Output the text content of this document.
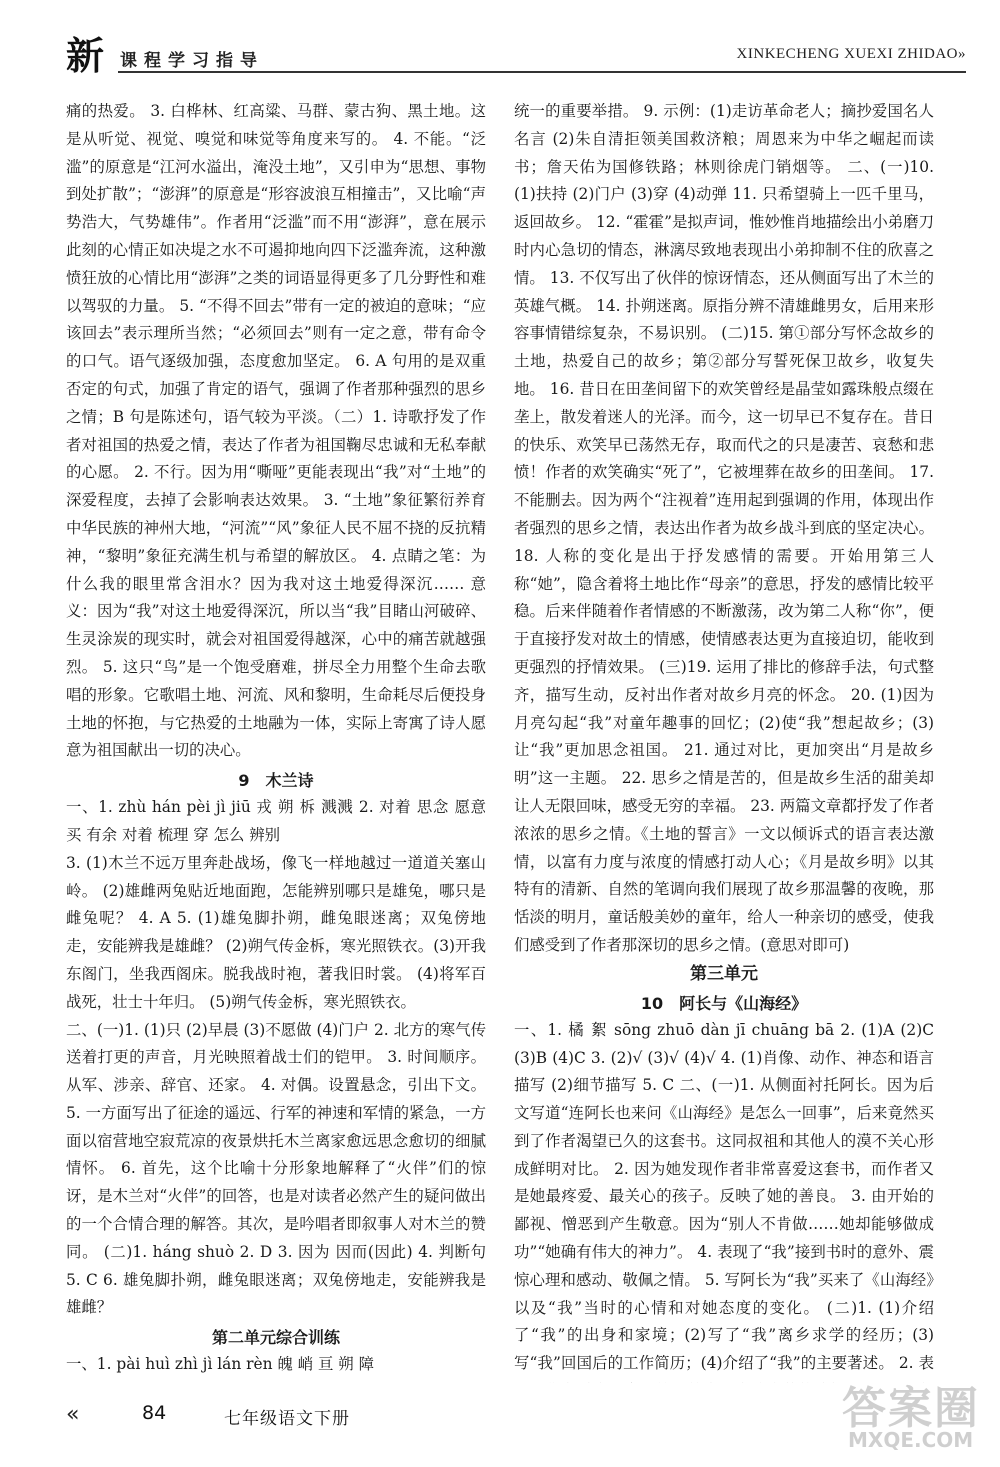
新 课程学习指导	XINKECHENG XUEXI ZHIDAO»

痛的热爱。 3. 白桦林、红高粱、马群、蒙古狗、黑土地。这是从听觉、视觉、嗅觉和味觉等角度来写的。 4. 不能。“泛滥”的原意是“江河水溢出，淹没土地”，又引申为“思想、事物到处扩散”；“澎湃”的原意是“形容波浪互相撞击”，又比喻“声势浩大，气势雄伟”。作者用“泛滥”而不用“澎湃”，意在展示此刻的心情正如决堤之水不可遏抑地向四下泛滥奔流，这种激愤狂放的心情比用“澎湃”之类的词语显得更多了几分野性和难以驾驭的力量。 5. “不得不回去”带有一定的被迫的意味；“应该回去”表示理所当然；“必须回去”则有一定之意，带有命令的口气。语气逐级加强，态度愈加坚定。 6. A 句用的是双重否定的句式，加强了肯定的语气，强调了作者那种强烈的思乡之情；B 句是陈述句，语气较为平淡。（二）1. 诗歌抒发了作者对祖国的热爱之情，表达了作者为祖国鞠尽忠诚和无私奉献的心愿。 2. 不行。因为用“嘶哑”更能表现出“我”对“土地”的深爱程度，去掉了会影响表达效果。 3. “土地”象征繁衍养育中华民族的神州大地，“河流”“风”象征人民不屈不挠的反抗精神，“黎明”象征充满生机与希望的解放区。 4. 点睛之笔：为什么我的眼里常含泪水？因为我对这土地爱得深沉…… 意义：因为“我”对这土地爱得深沉，所以当“我”目睹山河破碎、生灵涂炭的现实时，就会对祖国爱得越深，心中的痛苦就越强烈。 5. 这只“鸟”是一个饱受磨难，拼尽全力用整个生命去歌唱的形象。它歌唱土地、河流、风和黎明，生命耗尽后便投身土地的怀抱，与它热爱的土地融为一体，实际上寄寓了诗人愿意为祖国献出一切的决心。

9　木兰诗

一、1. zhù hán pèi jì jiū 戎 朔 柝 溅溅 2. 对着 思念 愿意 买 有余 对着 梳理 穿 怎么 辨别

3. (1)木兰不远万里奔赴战场，像飞一样地越过一道道关塞山岭。 (2)雄雌两兔贴近地面跑，怎能辨别哪只是雄兔，哪只是雌兔呢？ 4. A 5. (1)雄兔脚扑朔，雌兔眼迷离；双兔傍地走，安能辨我是雄雌？ (2)朔气传金柝，寒光照铁衣。(3)开我东阁门，坐我西阁床。脱我战时袍，著我旧时裳。 (4)将军百战死，壮士十年归。 (5)朔气传金柝，寒光照铁衣。

二、(一)1. (1)只 (2)早晨 (3)不愿做 (4)门户 2. 北方的寒气传送着打更的声音，月光映照着战士们的铠甲。 3. 时间顺序。从军、涉亲、辞官、还家。 4. 对偶。设置悬念，引出下文。 5. 一方面写出了征途的遥远、行军的神速和军情的紧急，一方面以宿营地空寂荒凉的夜景烘托木兰离家愈远思念愈切的细腻情怀。 6. 首先，这个比喻十分形象地解释了“火伴”们的惊讶，是木兰对“火伴”的回答，也是对读者必然产生的疑问做出的一个合情合理的解答。其次，是吟唱者即叙事人对木兰的赞同。 (二)1. háng shuò 2. D 3. 因为 因而(因此) 4. 判断句 5. C 6. 雄兔脚扑朔，雌兔眼迷离；双兔傍地走，安能辨我是雄雌？

第二单元综合训练

一、1. pài huì zhì jì lán rèn 魄 峭 亘 朔 障

统一的重要举措。 9. 示例：(1)走访革命老人；摘抄爱国名人名言 (2)朱自清拒领美国救济粮；周恩来为中华之崛起而读书；詹天佑为国修铁路；林则徐虎门销烟等。 二、(一)10. (1)扶持 (2)门户 (3)穿 (4)动弹 11. 只希望骑上一匹千里马，返回故乡。 12. “霍霍”是拟声词，惟妙惟肖地描绘出小弟磨刀时内心急切的情态，淋漓尽致地表现出小弟抑制不住的欣喜之情。 13. 不仅写出了伙伴的惊讶情态，还从侧面写出了木兰的英雄气概。 14. 扑朔迷离。原指分辨不清雄雌男女，后用来形容事情错综复杂，不易识别。 (二)15. 第①部分写怀念故乡的土地，热爱自己的故乡；第②部分写誓死保卫故乡，收复失地。 16. 昔日在田垄间留下的欢笑曾经是晶莹如露珠般点缀在垄上，散发着迷人的光泽。而今，这一切早已不复存在。昔日的快乐、欢笑早已荡然无存，取而代之的只是凄苦、哀愁和悲愤！作者的欢笑确实“死了”，它被埋葬在故乡的田垄间。 17. 不能删去。因为两个“注视着”连用起到强调的作用，体现出作者强烈的思乡之情，表达出作者为故乡战斗到底的坚定决心。 18. 人称的变化是出于抒发感情的需要。开始用第三人称“她”，隐含着将土地比作“母亲”的意思，抒发的感情比较平稳。后来伴随着作者情感的不断激荡，改为第二人称“你”，便于直接抒发对故土的情感，使情感表达更为直接迫切，能收到更强烈的抒情效果。 (三)19. 运用了排比的修辞手法，句式整齐，描写生动，反衬出作者对故乡月亮的怀念。 20. (1)因为月亮勾起“我”对童年趣事的回忆；(2)使“我”想起故乡；(3)让“我”更加思念祖国。 21. 通过对比，更加突出“月是故乡明”这一主题。 22. 思乡之情是苦的，但是故乡生活的甜美却让人无限回味，感受无穷的幸福。 23. 两篇文章都抒发了作者浓浓的思乡之情。《土地的誓言》一文以倾诉式的语言表达激情，以富有力度与浓度的情感打动人心；《月是故乡明》以其特有的清新、自然的笔调向我们展现了故乡那温馨的夜晚，那恬淡的明月，童话般美妙的童年，给人一种亲切的感受，使我们感受到了作者那深切的思乡之情。(意思对即可)

第三单元
10　阿长与《山海经》

一、1. 橘 絮 sōng zhuō dàn jī chuāng bā 2. (1)A (2)C (3)B (4)C 3. (2)√ (3)√ (4)√ 4. (1)肖像、动作、神态和语言描写 (2)细节描写 5. C 二、(一)1. 从侧面衬托阿长。因为后文写道“连阿长也来问《山海经》是怎么一回事”，后来竟然买到了作者渴望已久的这套书。这同叔祖和其他人的漠不关心形成鲜明对比。 2. 因为她发现作者非常喜爱这套书，而作者又是她最疼爱、最关心的孩子。反映了她的善良。 3. 由开始的鄙视、憎恶到产生敬意。因为“别人不肯做……她却能够做成功”“她确有伟大的神力”。 4. 表现了“我”接到书时的意外、震惊心理和感动、敬佩之情。 5. 写阿长为“我”买来了《山海经》以及“我”当时的心情和对她态度的变化。 (二)1. (1)介绍了“我”的出身和家境；(2)写了“我”离乡求学的经历；(3)写“我”回国后的工作简历；(4)介绍了“我”的主要著述。 2. 表

«	84	七年级语文下册	答案圈
MXQE.COM
